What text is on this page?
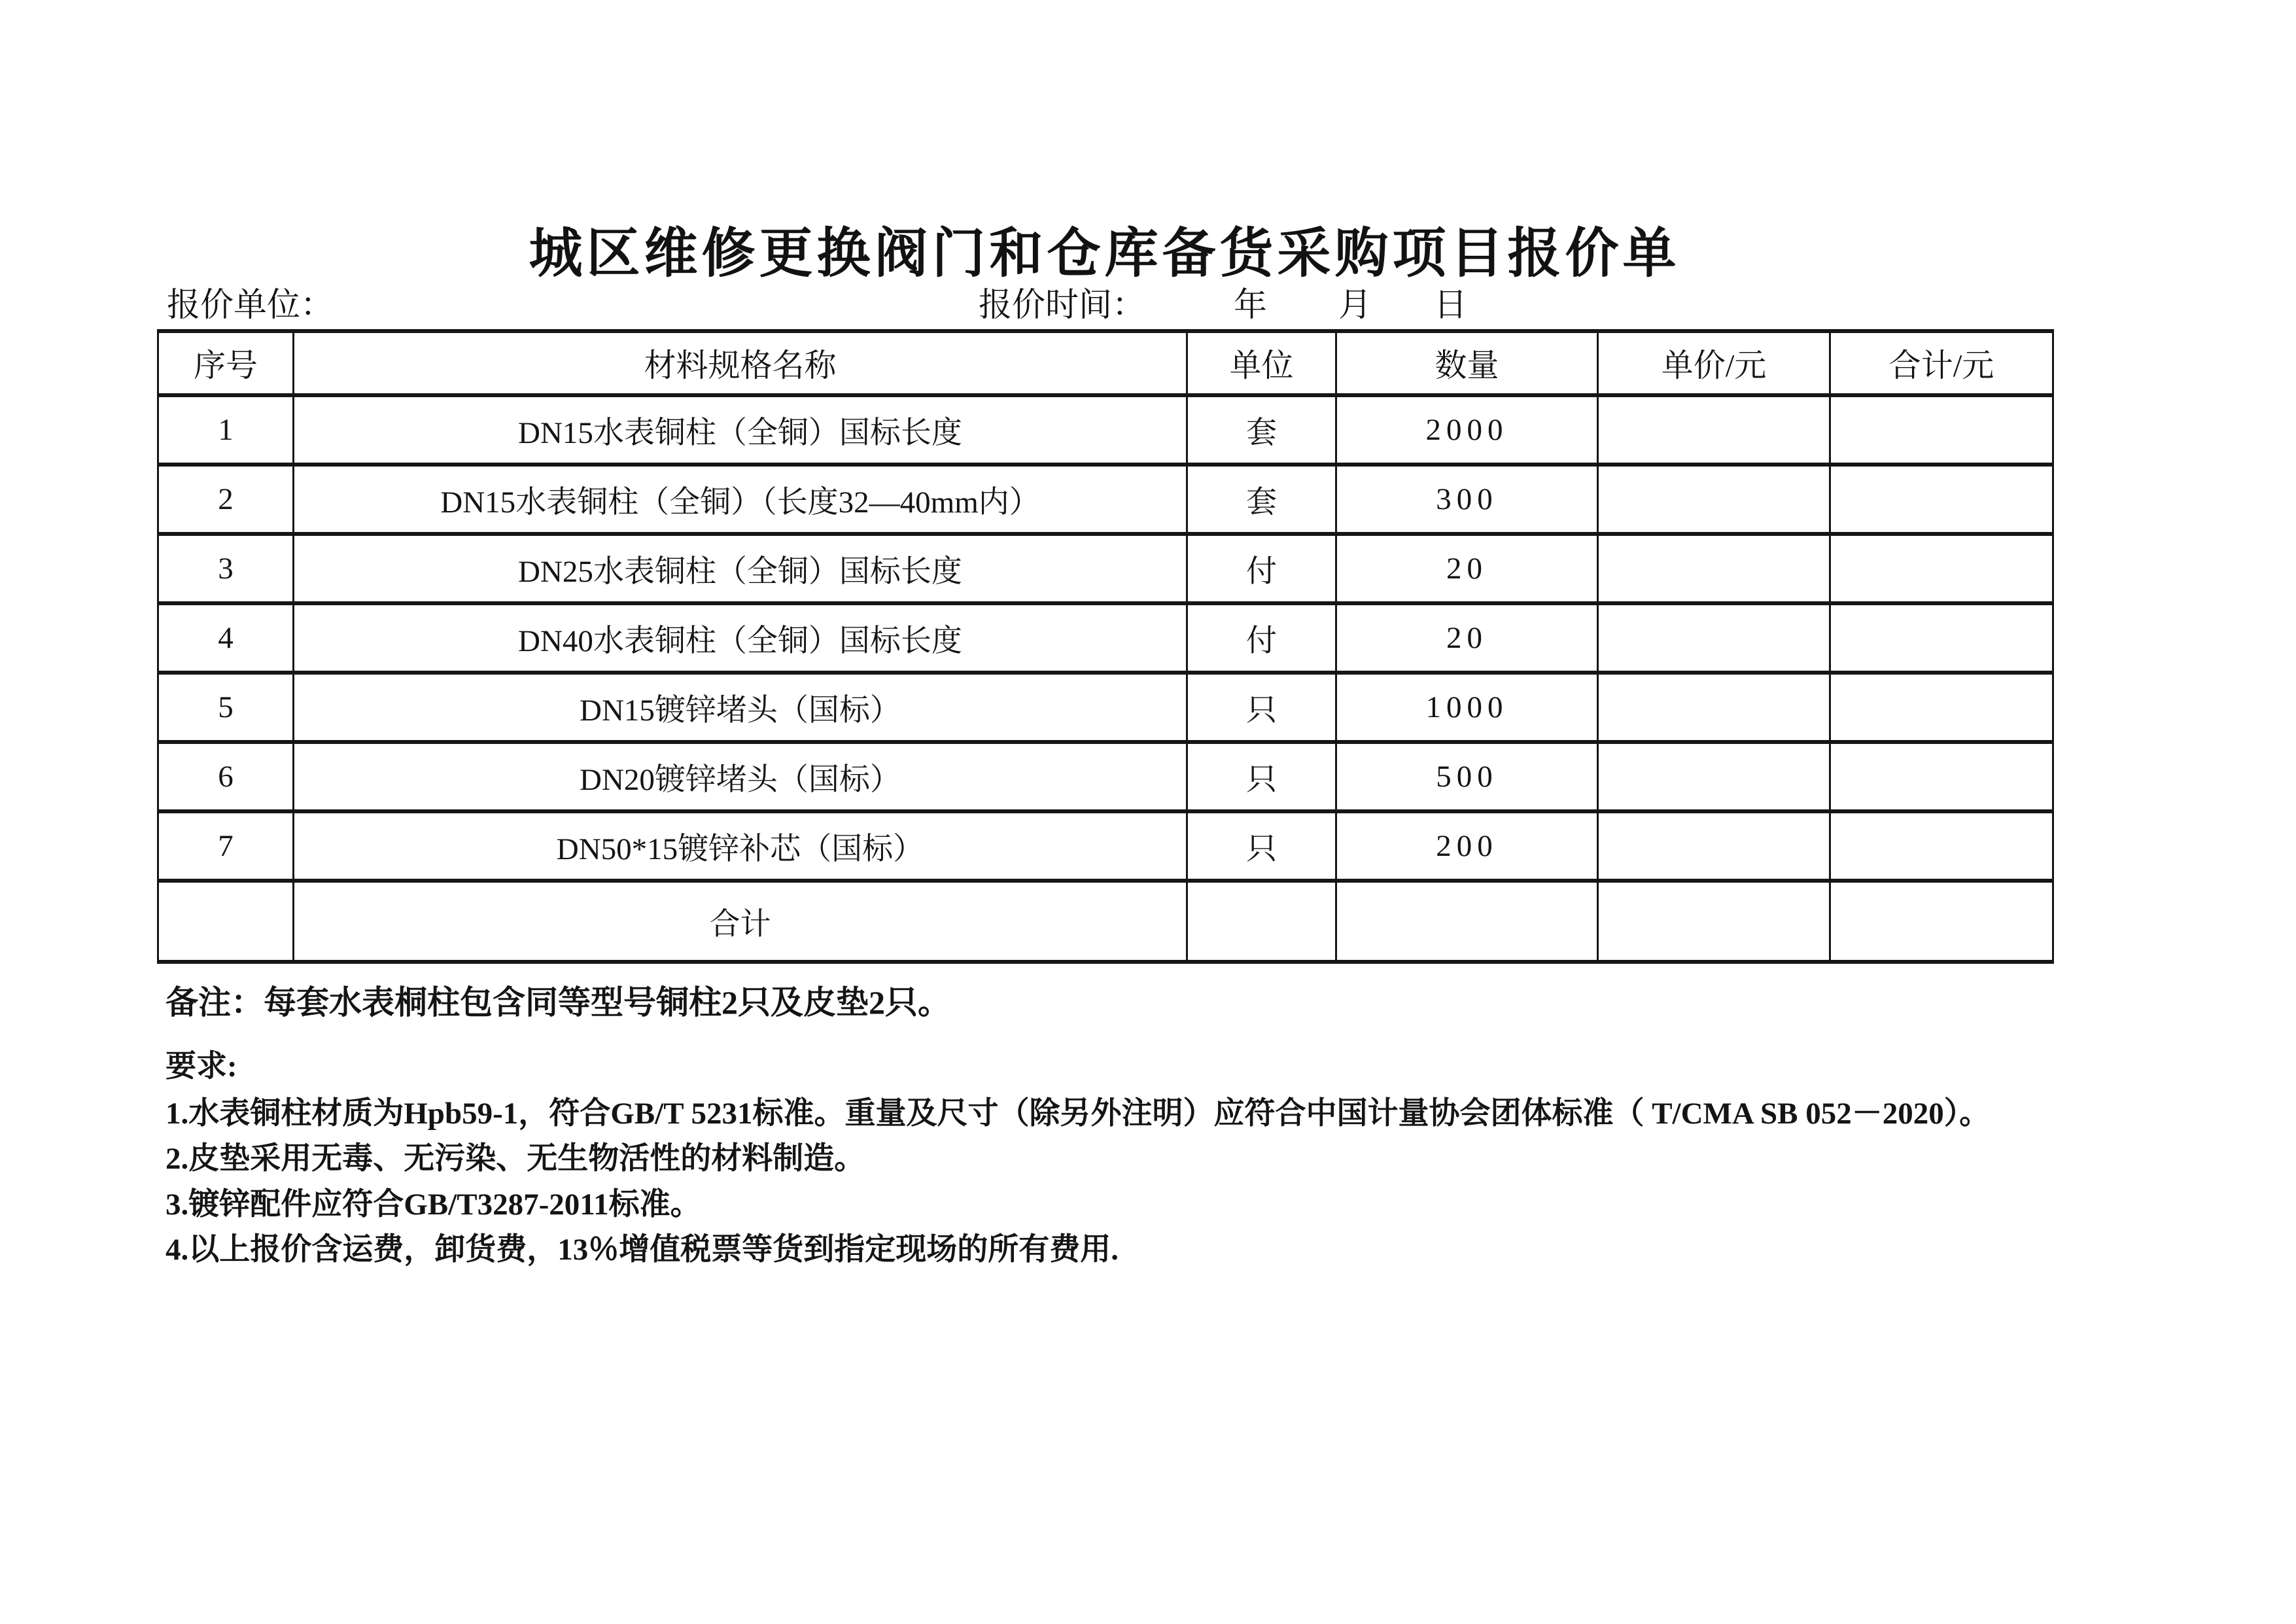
城区维修更换阀门和仓库备货采购项目报价单
报价单位：	报价时间：	年 月 日
序号	材料规格名称	单位	数量	单价/元	合计/元
1	DN15水表铜柱（全铜）国标长度	套	2000		
2	DN15水表铜柱（全铜）（长度32—40mm内）	套	300		
3	DN25水表铜柱（全铜）国标长度	付	20		
4	DN40水表铜柱（全铜）国标长度	付	20		
5	DN15镀锌堵头（国标）	只	1000		
6	DN20镀锌堵头（国标）	只	500		
7	DN50*15镀锌补芯（国标）	只	200		
	合计				
备注：每套水表桐柱包含同等型号铜柱2只及皮垫2只。
要求:

1.水表铜柱材质为Hpb59-1，符合GB/T 5231标准。重量及尺寸（除另外注明）应符合中国计量协会团体标准（ T/CMA SB 052－2020）。

2.皮垫采用无毒、无污染、无生物活性的材料制造。

3.镀锌配件应符合GB/T3287-2011标准。

4.以上报价含运费，卸货费，13％增值税票等货到指定现场的所有费用.
